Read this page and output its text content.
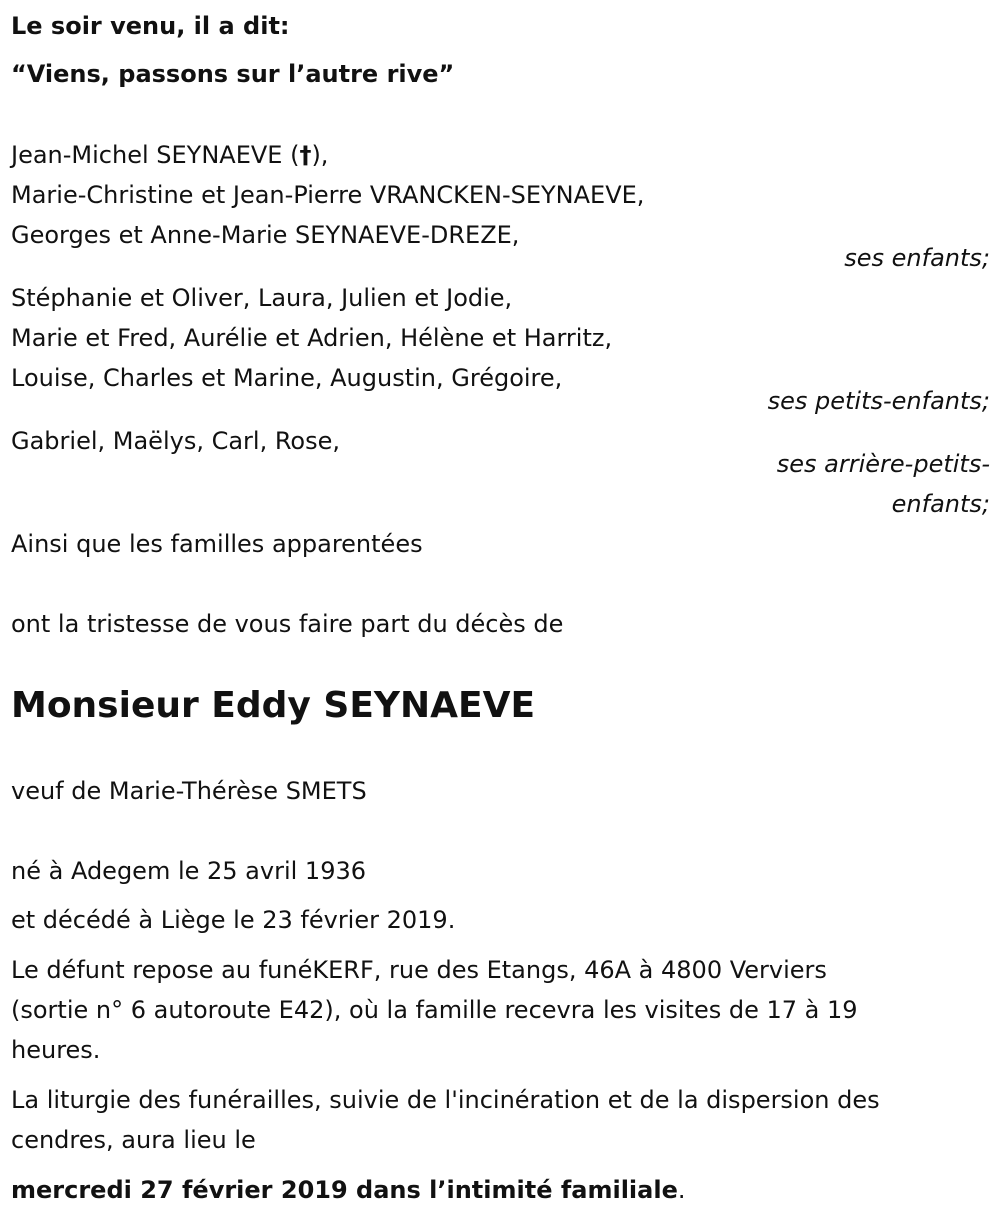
Le soir venu, il a dit:
“Viens, passons sur l’autre rive”
Jean-Michel SEYNAEVE (†),
Marie-Christine et Jean-Pierre VRANCKEN-SEYNAEVE,
Georges et Anne-Marie SEYNAEVE-DREZE,
ses enfants;
Stéphanie et Oliver, Laura, Julien et Jodie,
Marie et Fred, Aurélie et Adrien, Hélène et Harritz,
Louise, Charles et Marine, Augustin, Grégoire,
ses petits-enfants;
Gabriel, Maëlys, Carl, Rose,
ses arrière-petits-
enfants;
Ainsi que les familles apparentées
ont la tristesse de vous faire part du décès de
Monsieur Eddy SEYNAEVE
veuf de Marie-Thérèse SMETS
né à Adegem le 25 avril 1936
et décédé à Liège le 23 février 2019.
Le défunt repose au funéKERF, rue des Etangs, 46A à 4800 Verviers
(sortie n° 6 autoroute E42), où la famille recevra les visites de 17 à 19
heures.
La liturgie des funérailles, suivie de l'incinération et de la dispersion des
cendres, aura lieu le
mercredi 27 février 2019 dans l’intimité familiale.
